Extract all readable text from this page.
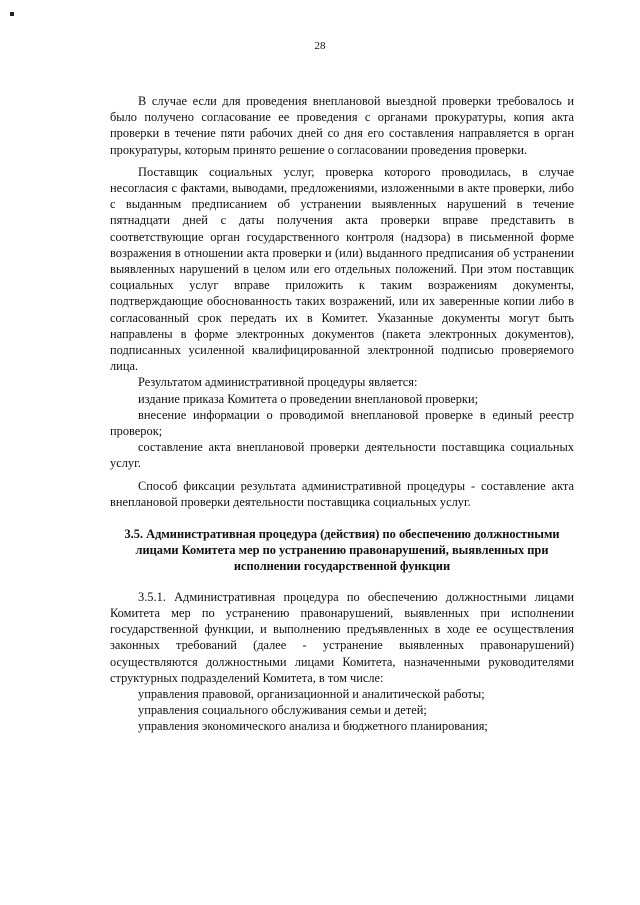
28

В случае если для проведения внеплановой выездной проверки требовалось и было получено согласование ее проведения с органами прокуратуры, копия акта проверки в течение пяти рабочих дней со дня его составления направляется в орган прокуратуры, которым принято решение о согласовании проведения проверки.

Поставщик социальных услуг, проверка которого проводилась, в случае несогласия с фактами, выводами, предложениями, изложенными в акте проверки, либо с выданным предписанием об устранении выявленных нарушений в течение пятнадцати дней с даты получения акта проверки вправе представить в соответствующие орган государственного контроля (надзора) в письменной форме возражения в отношении акта проверки и (или) выданного предписания об устранении выявленных нарушений в целом или его отдельных положений. При этом поставщик социальных услуг вправе приложить к таким возражениям документы, подтверждающие обоснованность таких возражений, или их заверенные копии либо в согласованный срок передать их в Комитет. Указанные документы могут быть направлены в форме электронных документов (пакета электронных документов), подписанных усиленной квалифицированной электронной подписью проверяемого лица.

Результатом административной процедуры является:

издание приказа Комитета о проведении внеплановой проверки;

внесение информации о проводимой внеплановой проверке в единый реестр проверок;

составление акта внеплановой проверки деятельности поставщика социальных услуг.

Способ фиксации результата административной процедуры - составление акта внеплановой проверки деятельности поставщика социальных услуг.

3.5. Административная процедура (действия) по обеспечению должностными лицами Комитета мер по устранению правонарушений, выявленных при исполнении государственной функции

3.5.1. Административная процедура по обеспечению должностными лицами Комитета мер по устранению правонарушений, выявленных при исполнении государственной функции, и выполнению предъявленных в ходе ее осуществления законных требований (далее - устранение выявленных правонарушений) осуществляются должностными лицами Комитета, назначенными руководителями структурных подразделений Комитета, в том числе:

управления правовой, организационной и аналитической работы;

управления социального обслуживания семьи и детей;

управления экономического анализа и бюджетного планирования;
